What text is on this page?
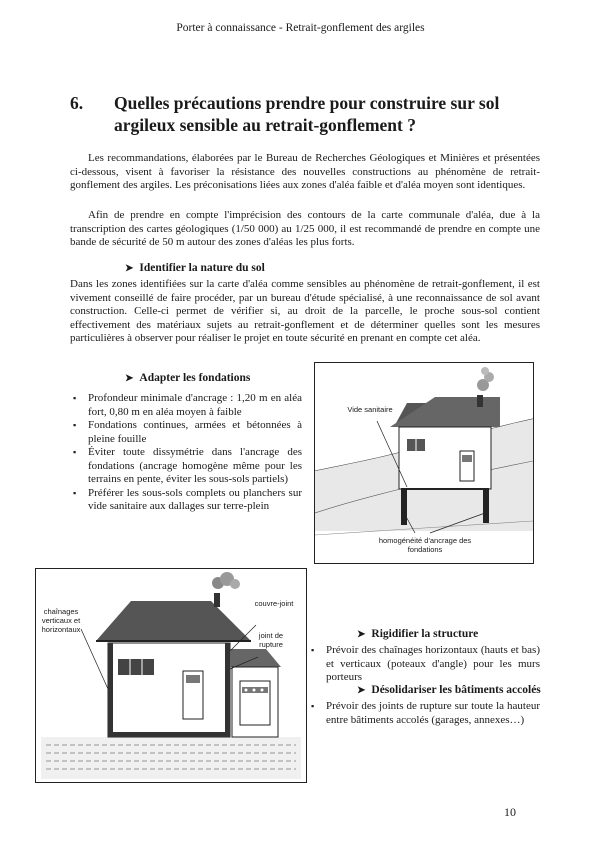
Porter à connaissance - Retrait-gonflement des argiles
6. Quelles précautions prendre pour construire sur sol argileux sensible au retrait-gonflement ?
Les recommandations, élaborées par le Bureau de Recherches Géologiques et Minières et présentées ci-dessous, visent à favoriser la résistance des nouvelles constructions au phénomène de retrait-gonflement des argiles. Les préconisations liées aux zones d'aléa faible et d'aléa moyen sont identiques.
Afin de prendre en compte l'imprécision des contours de la carte communale d'aléa, due à la transcription des cartes géologiques (1/50 000) au 1/25 000, il est recommandé de prendre en compte une bande de sécurité de 50 m autour des zones d'aléas les plus forts.
➤ Identifier la nature du sol
Dans les zones identifiées sur la carte d'aléa comme sensibles au phénomène de retrait-gonflement, il est vivement conseillé de faire procéder, par un bureau d'étude spécialisé, à une reconnaissance de sol avant construction. Celle-ci permet de vérifier si, au droit de la parcelle, le proche sous-sol contient effectivement des matériaux sujets au retrait-gonflement et de déterminer quelles sont les mesures particulières à observer pour réaliser le projet en toute sécurité en prenant en compte cet aléa.
➤ Adapter les fondations
▪ Profondeur minimale d'ancrage : 1,20 m en aléa fort, 0,80 m en aléa moyen à faible
▪ Fondations continues, armées et bétonnées à pleine fouille
▪ Éviter toute dissymétrie dans l'ancrage des fondations (ancrage homogène même pour les terrains en pente, éviter les sous-sols partiels)
▪ Préférer les sous-sols complets ou planchers sur vide sanitaire aux dallages sur terre-plein
Vide sanitaire
homogénéité d'ancrage des fondations
chaînages verticaux et horizontaux
couvre-joint
joint de rupture
➤ Rigidifier la structure
▪ Prévoir des chaînages horizontaux (hauts et bas) et verticaux (poteaux d'angle) pour les murs porteurs
➤ Désolidariser les bâtiments accolés
▪ Prévoir des joints de rupture sur toute la hauteur entre bâtiments accolés (garages, annexes…)
10
